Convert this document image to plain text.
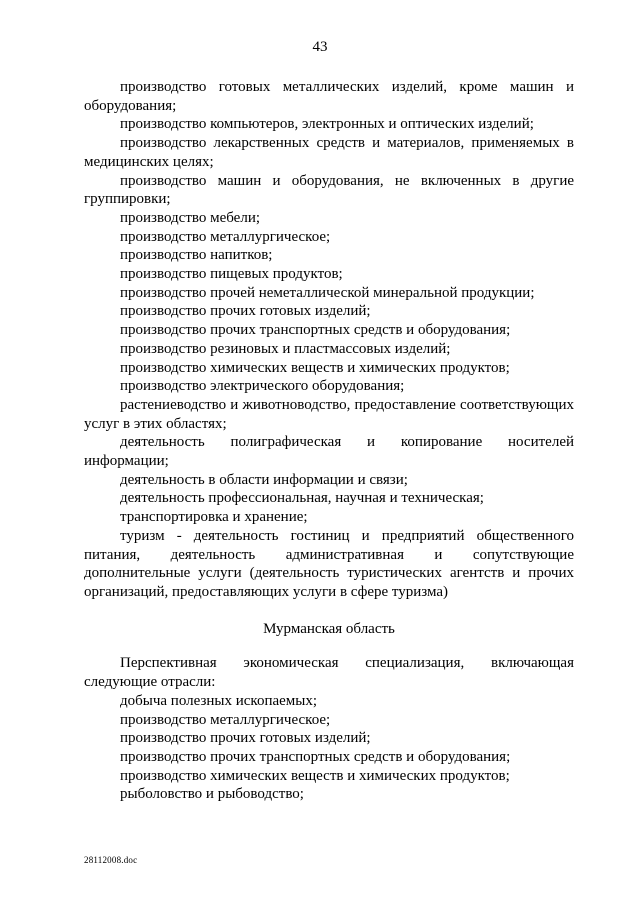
43

производство готовых металлических изделий, кроме машин и оборудования;

производство компьютеров, электронных и оптических изделий;

производство лекарственных средств и материалов, применяемых в медицинских целях;

производство машин и оборудования, не включенных в другие группировки;

производство мебели;

производство металлургическое;

производство напитков;

производство пищевых продуктов;

производство прочей неметаллической минеральной продукции;

производство прочих готовых изделий;

производство прочих транспортных средств и оборудования;

производство резиновых и пластмассовых изделий;

производство химических веществ и химических продуктов;

производство электрического оборудования;

растениеводство и животноводство, предоставление соответствующих услуг в этих областях;

деятельность полиграфическая и копирование носителей информации;

деятельность в области информации и связи;

деятельность профессиональная, научная и техническая;

транспортировка и хранение;

туризм - деятельность гостиниц и предприятий общественного питания, деятельность административная и сопутствующие дополнительные услуги (деятельность туристических агентств и прочих организаций, предоставляющих услуги в сфере туризма)

Мурманская область

Перспективная экономическая специализация, включающая следующие отрасли:

добыча полезных ископаемых;

производство металлургическое;

производство прочих готовых изделий;

производство прочих транспортных средств и оборудования;

производство химических веществ и химических продуктов;

рыболовство и рыбоводство;

28112008.doc
